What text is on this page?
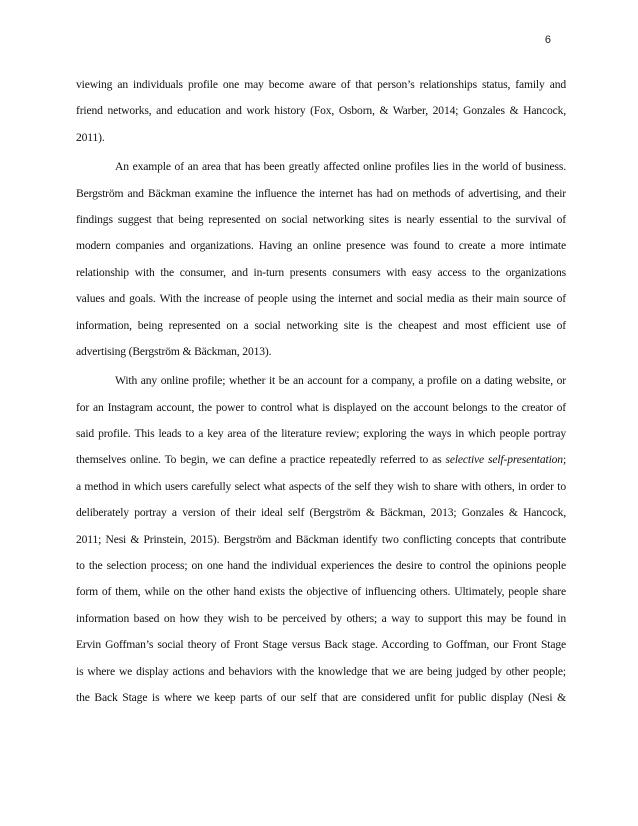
6
viewing an individuals profile one may become aware of that person’s relationships status, family and
friend networks, and education and work history (Fox, Osborn, & Warber, 2014; Gonzales & Hancock,
2011).
An example of an area that has been greatly affected online profiles lies in the world of business.
Bergström and Bäckman examine the influence the internet has had on methods of advertising, and their
findings suggest that being represented on social networking sites is nearly essential to the survival of
modern companies and organizations. Having an online presence was found to create a more intimate
relationship with the consumer, and in-turn presents consumers with easy access to the organizations
values and goals. With the increase of people using the internet and social media as their main source of
information, being represented on a social networking site is the cheapest and most efficient use of
advertising (Bergström & Bäckman, 2013).
With any online profile; whether it be an account for a company, a profile on a dating website, or
for an Instagram account, the power to control what is displayed on the account belongs to the creator of
said profile. This leads to a key area of the literature review; exploring the ways in which people portray
themselves online. To begin, we can define a practice repeatedly referred to as selective self-presentation;
a method in which users carefully select what aspects of the self they wish to share with others, in order to
deliberately portray a version of their ideal self (Bergström & Bäckman, 2013; Gonzales & Hancock,
2011; Nesi & Prinstein, 2015). Bergström and Bäckman identify two conflicting concepts that contribute
to the selection process; on one hand the individual experiences the desire to control the opinions people
form of them, while on the other hand exists the objective of influencing others. Ultimately, people share
information based on how they wish to be perceived by others; a way to support this may be found in
Ervin Goffman’s social theory of Front Stage versus Back stage. According to Goffman, our Front Stage
is where we display actions and behaviors with the knowledge that we are being judged by other people;
the Back Stage is where we keep parts of our self that are considered unfit for public display (Nesi &
